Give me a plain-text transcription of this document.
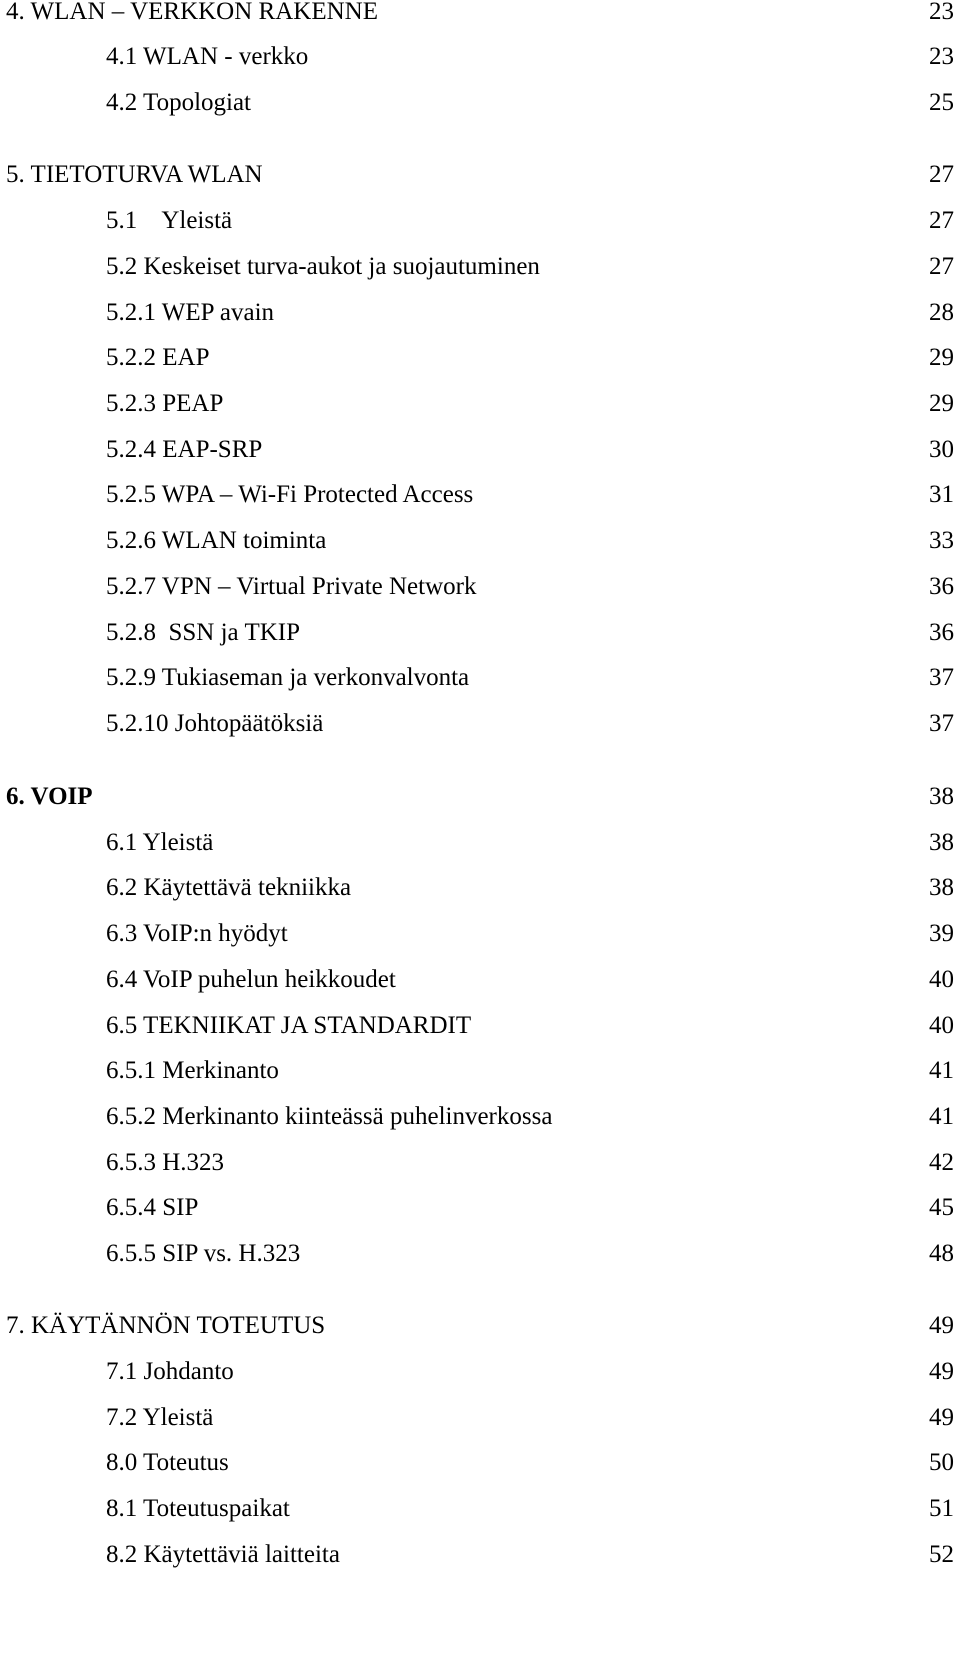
4. WLAN – VERKKON RAKENNE	23
4.1 WLAN - verkko	23
4.2 Topologiat	25
5. TIETOTURVA WLAN	27
5.1    Yleistä	27
5.2 Keskeiset turva-aukot ja suojautuminen	27
5.2.1 WEP avain	28
5.2.2 EAP	29
5.2.3 PEAP	29
5.2.4 EAP-SRP	30
5.2.5 WPA – Wi-Fi Protected Access	31
5.2.6 WLAN toiminta	33
5.2.7 VPN – Virtual Private Network	36
5.2.8  SSN ja TKIP	36
5.2.9 Tukiaseman ja verkonvalvonta	37
5.2.10 Johtopäätöksiä	37
6. VOIP	38
6.1 Yleistä	38
6.2 Käytettävä tekniikka	38
6.3 VoIP:n hyödyt	39
6.4 VoIP puhelun heikkoudet	40
6.5 TEKNIIKAT JA STANDARDIT	40
6.5.1 Merkinanto	41
6.5.2 Merkinanto kiinteässä puhelinverkossa	41
6.5.3 H.323	42
6.5.4 SIP	45
6.5.5 SIP vs. H.323	48
7. KÄYTÄNNÖN TOTEUTUS	49
7.1 Johdanto	49
7.2 Yleistä	49
8.0 Toteutus	50
8.1 Toteutuspaikat	51
8.2 Käytettäviä laitteita	52
